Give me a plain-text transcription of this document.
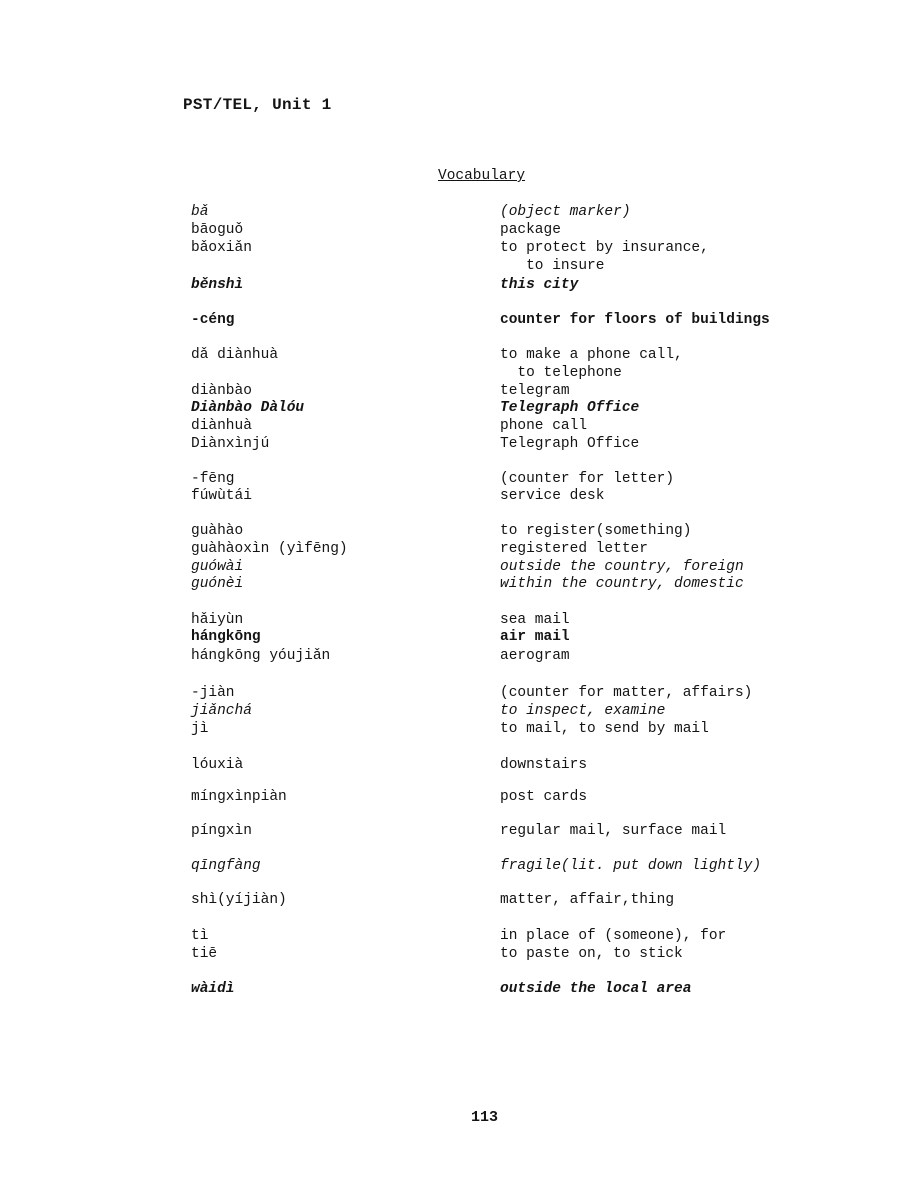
PST/TEL, Unit 1
Vocabulary
bǎ	(object marker)
bāoguǒ	package
bǎoxiǎn	to protect by insurance,
to insure
běnshì	this city
-céng	counter for floors of buildings
dǎ diànhuà	to make a phone call,
to telephone
diànbào	telegram
Diànbào Dàlóu	Telegraph Office
diànhuà	phone call
Diànxìnjú	Telegraph Office
-fēng	(counter for letter)
fúwùtái	service desk
guàhào	to register(something)
guàhàoxìn (yìfēng)	registered letter
guówài	outside the country, foreign
guónèi	within the country, domestic
hǎiyùn	sea mail
hángkōng	air mail
hángkōng yóujiǎn	aerogram
-jiàn	(counter for matter, affairs)
jiǎnchá	to inspect, examine
jì	to mail, to send by mail
lóuxià	downstairs
míngxìnpiàn	post cards
píngxìn	regular mail, surface mail
qīngfàng	fragile(lit. put down lightly)
shì(yíjiàn)	matter, affair,thing
tì	in place of (someone), for
tiē	to paste on, to stick
wàidì	outside the local area
113
